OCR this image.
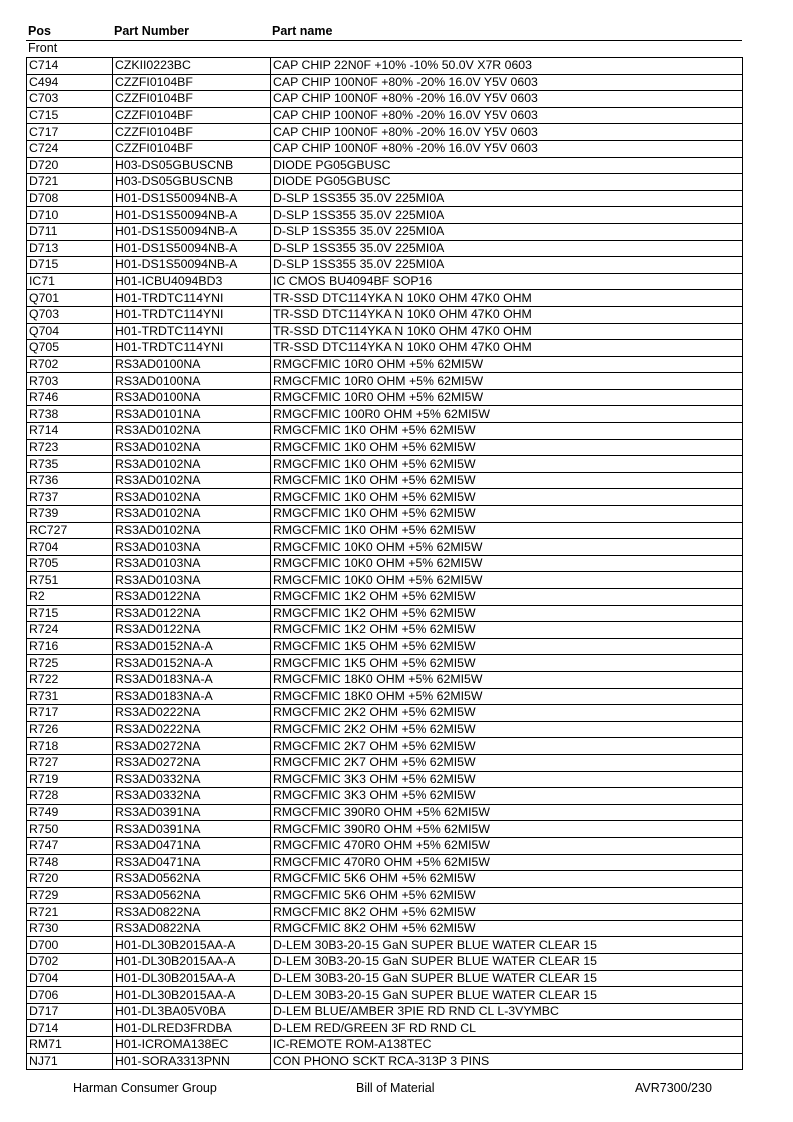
Pos	Part Number	Part name
Front
C714	CZKII0223BC	CAP CHIP 22N0F +10% -10% 50.0V X7R 0603
C494	CZZFI0104BF	CAP CHIP 100N0F +80% -20% 16.0V Y5V 0603
C703	CZZFI0104BF	CAP CHIP 100N0F +80% -20% 16.0V Y5V 0603
C715	CZZFI0104BF	CAP CHIP 100N0F +80% -20% 16.0V Y5V 0603
C717	CZZFI0104BF	CAP CHIP 100N0F +80% -20% 16.0V Y5V 0603
C724	CZZFI0104BF	CAP CHIP 100N0F +80% -20% 16.0V Y5V 0603
D720	H03-DS05GBUSCNB	DIODE PG05GBUSC
D721	H03-DS05GBUSCNB	DIODE PG05GBUSC
D708	H01-DS1S50094NB-A	D-SLP 1SS355 35.0V 225MI0A
D710	H01-DS1S50094NB-A	D-SLP 1SS355 35.0V 225MI0A
D711	H01-DS1S50094NB-A	D-SLP 1SS355 35.0V 225MI0A
D713	H01-DS1S50094NB-A	D-SLP 1SS355 35.0V 225MI0A
D715	H01-DS1S50094NB-A	D-SLP 1SS355 35.0V 225MI0A
IC71	H01-ICBU4094BD3	IC CMOS BU4094BF SOP16
Q701	H01-TRDTC114YNI	TR-SSD DTC114YKA N 10K0 OHM 47K0 OHM
Q703	H01-TRDTC114YNI	TR-SSD DTC114YKA N 10K0 OHM 47K0 OHM
Q704	H01-TRDTC114YNI	TR-SSD DTC114YKA N 10K0 OHM 47K0 OHM
Q705	H01-TRDTC114YNI	TR-SSD DTC114YKA N 10K0 OHM 47K0 OHM
R702	RS3AD0100NA	RMGCFMIC 10R0 OHM +5% 62MI5W
R703	RS3AD0100NA	RMGCFMIC 10R0 OHM +5% 62MI5W
R746	RS3AD0100NA	RMGCFMIC 10R0 OHM +5% 62MI5W
R738	RS3AD0101NA	RMGCFMIC 100R0 OHM +5% 62MI5W
R714	RS3AD0102NA	RMGCFMIC 1K0 OHM +5% 62MI5W
R723	RS3AD0102NA	RMGCFMIC 1K0 OHM +5% 62MI5W
R735	RS3AD0102NA	RMGCFMIC 1K0 OHM +5% 62MI5W
R736	RS3AD0102NA	RMGCFMIC 1K0 OHM +5% 62MI5W
R737	RS3AD0102NA	RMGCFMIC 1K0 OHM +5% 62MI5W
R739	RS3AD0102NA	RMGCFMIC 1K0 OHM +5% 62MI5W
RC727	RS3AD0102NA	RMGCFMIC 1K0 OHM +5% 62MI5W
R704	RS3AD0103NA	RMGCFMIC 10K0 OHM +5% 62MI5W
R705	RS3AD0103NA	RMGCFMIC 10K0 OHM +5% 62MI5W
R751	RS3AD0103NA	RMGCFMIC 10K0 OHM +5% 62MI5W
R2	RS3AD0122NA	RMGCFMIC 1K2 OHM +5% 62MI5W
R715	RS3AD0122NA	RMGCFMIC 1K2 OHM +5% 62MI5W
R724	RS3AD0122NA	RMGCFMIC 1K2 OHM +5% 62MI5W
R716	RS3AD0152NA-A	RMGCFMIC 1K5 OHM +5% 62MI5W
R725	RS3AD0152NA-A	RMGCFMIC 1K5 OHM +5% 62MI5W
R722	RS3AD0183NA-A	RMGCFMIC 18K0 OHM +5% 62MI5W
R731	RS3AD0183NA-A	RMGCFMIC 18K0 OHM +5% 62MI5W
R717	RS3AD0222NA	RMGCFMIC 2K2 OHM +5% 62MI5W
R726	RS3AD0222NA	RMGCFMIC 2K2 OHM +5% 62MI5W
R718	RS3AD0272NA	RMGCFMIC 2K7 OHM +5% 62MI5W
R727	RS3AD0272NA	RMGCFMIC 2K7 OHM +5% 62MI5W
R719	RS3AD0332NA	RMGCFMIC 3K3 OHM +5% 62MI5W
R728	RS3AD0332NA	RMGCFMIC 3K3 OHM +5% 62MI5W
R749	RS3AD0391NA	RMGCFMIC 390R0 OHM +5% 62MI5W
R750	RS3AD0391NA	RMGCFMIC 390R0 OHM +5% 62MI5W
R747	RS3AD0471NA	RMGCFMIC 470R0 OHM +5% 62MI5W
R748	RS3AD0471NA	RMGCFMIC 470R0 OHM +5% 62MI5W
R720	RS3AD0562NA	RMGCFMIC 5K6 OHM +5% 62MI5W
R729	RS3AD0562NA	RMGCFMIC 5K6 OHM +5% 62MI5W
R721	RS3AD0822NA	RMGCFMIC 8K2 OHM +5% 62MI5W
R730	RS3AD0822NA	RMGCFMIC 8K2 OHM +5% 62MI5W
D700	H01-DL30B2015AA-A	D-LEM 30B3-20-15 GaN SUPER BLUE WATER CLEAR 15
D702	H01-DL30B2015AA-A	D-LEM 30B3-20-15 GaN SUPER BLUE WATER CLEAR 15
D704	H01-DL30B2015AA-A	D-LEM 30B3-20-15 GaN SUPER BLUE WATER CLEAR 15
D706	H01-DL30B2015AA-A	D-LEM 30B3-20-15 GaN SUPER BLUE WATER CLEAR 15
D717	H01-DL3BA05V0BA	D-LEM BLUE/AMBER 3PIE RD RND CL L-3VYMBC
D714	H01-DLRED3FRDBA	D-LEM RED/GREEN 3F RD RND CL
RM71	H01-ICROMA138EC	IC-REMOTE ROM-A138TEC
NJ71	H01-SORA3313PNN	CON PHONO SCKT RCA-313P 3 PINS
Harman Consumer Group	Bill of Material	AVR7300/230
